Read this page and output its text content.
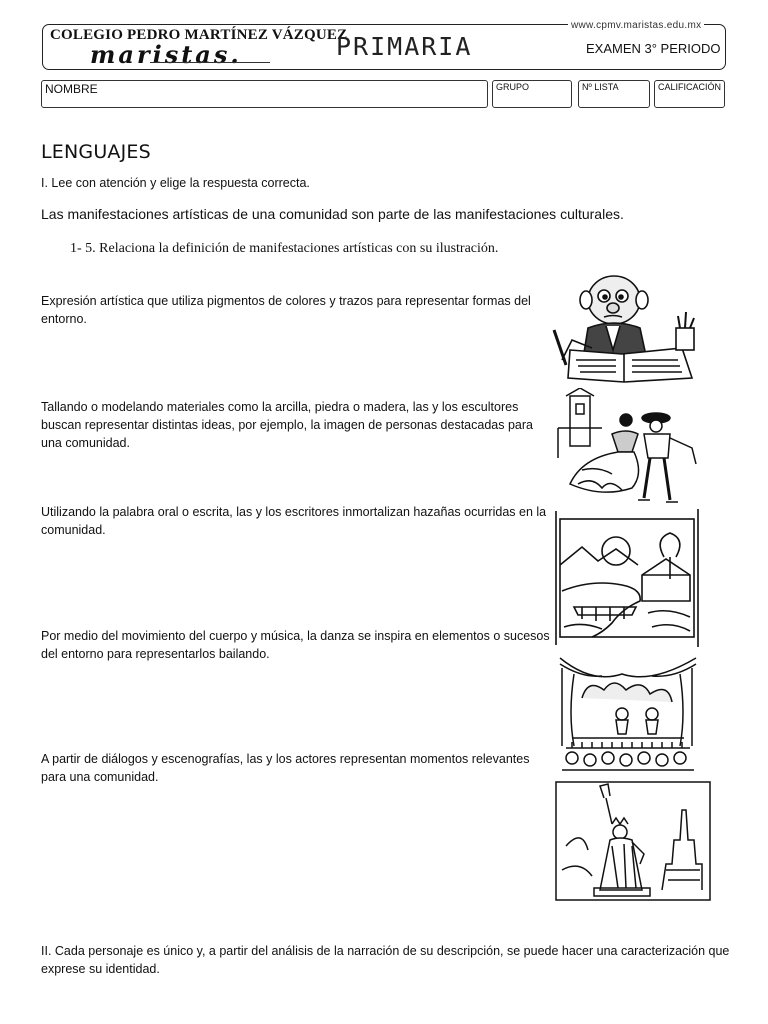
COLEGIO PEDRO MARTÍNEZ VÁZQUEZ
maristas.	PRIMARIA
www.cpmv.maristas.edu.mx
EXAMEN 3° PERIODO
NOMBRE	GRUPO	Nº LISTA	CALIFICACIÓN
LENGUAJES
I. Lee con atención y elige la respuesta correcta.
Las manifestaciones artísticas de una comunidad son parte de las manifestaciones culturales.
1- 5. Relaciona la definición de manifestaciones artísticas con su ilustración.
Expresión artística que utiliza pigmentos de colores y trazos para representar formas del entorno.
Tallando o modelando materiales como la arcilla, piedra o madera, las y los escultores buscan representar distintas ideas, por ejemplo, la imagen de personas destacadas para una comunidad.
Utilizando la palabra oral o escrita, las y los escritores inmortalizan hazañas ocurridas en la comunidad.
Por medio del movimiento del cuerpo y música, la danza se inspira en elementos o sucesos del entorno para representarlos bailando.
A partir de diálogos y escenografías, las y los actores representan momentos relevantes para una comunidad.
II. Cada personaje es único y, a partir del análisis de la narración de su descripción, se puede hacer una caracterización que exprese su identidad.
